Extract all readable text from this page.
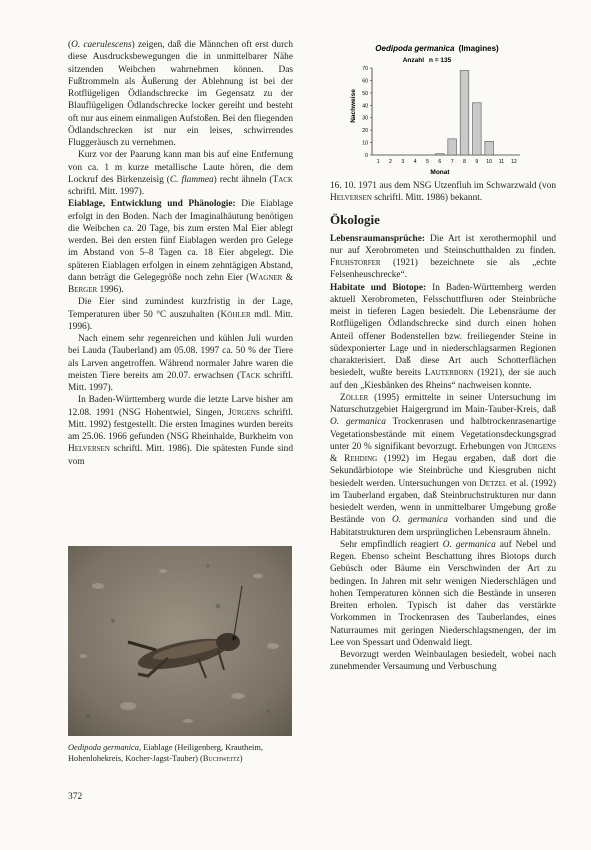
Oedipoda germanica (Imagines)
Anzahl n = 135
Nachweise
Monat
0
10
20
30
40
50
60
70
1 2 3 4 5 6 7 8 9 10 11 12

(O. caerulescens) zeigen, daß die Männchen oft erst durch diese Ausdrucksbewegungen die in unmittelbarer Nähe sitzenden Weibchen wahrnehmen können. Das Fußtrommeln als Äußerung der Ablehnung ist bei der Rotflügeligen Ödlandschrecke im Gegensatz zu der Blauflügeligen Ödlandschrecke locker gereiht und besteht oft nur aus einem einmaligen Aufstoßen. Bei den fliegenden Ödlandschrecken ist nur ein leises, schwirrendes Fluggeräusch zu vernehmen.

Kurz vor der Paarung kann man bis auf eine Entfernung von ca. 1 m kurze metallische Laute hören, die dem Lockruf des Birkenzeisig (C. flammea) recht ähneln (Tack schriftl. Mitt. 1997).

Eiablage, Entwicklung und Phänologie: Die Eiablage erfolgt in den Boden. Nach der Imaginalhäutung benötigen die Weibchen ca. 20 Tage, bis zum ersten Mal Eier ablegt werden. Bei den ersten fünf Eiablagen werden pro Gelege im Abstand von 5–8 Tagen ca. 18 Eier abgelegt. Die späteren Eiablagen erfolgen in einem zehntägigen Abstand, dann beträgt die Gelegegröße noch zehn Eier (Wagner & Berger 1996).

Die Eier sind zumindest kurzfristig in der Lage, Temperaturen über 50 °C auszuhalten (Köhler mdl. Mitt. 1996).

Nach einem sehr regenreichen und kühlen Juli wurden bei Lauda (Tauberland) am 05.08. 1997 ca. 50 % der Tiere als Larven angetroffen. Während normaler Jahre waren die meisten Tiere bereits am 20.07. erwachsen (Tack schriftl. Mitt. 1997).

In Baden-Württemberg wurde die letzte Larve bisher am 12.08. 1991 (NSG Hohentwiel, Singen, Jürgens schriftl. Mitt. 1992) festgestellt. Die ersten Imagines wurden bereits am 25.06. 1966 gefunden (NSG Rheinhalde, Burkheim von Helversen schriftl. Mitt. 1986). Die spätesten Funde sind vom

Oedipoda germanica, Eiablage (Heiligenberg, Krautheim, Hohenlohekreis, Kocher-Jagst-Tauber) (Buchweitz)
372

16. 10. 1971 aus dem NSG Utzenfluh im Schwarzwald (von Helversen schriftl. Mitt. 1986) bekannt.

Ökologie

Lebensraumansprüche: Die Art ist xerothermophil und nur auf Xerobrometen und Steinschutthalden zu finden. Fruhstorfer (1921) bezeichnete sie als „echte Felsenheuschrecke“.

Habitate und Biotope: In Baden-Württemberg werden aktuell Xerobrometen, Felsschuttfluren oder Steinbrüche meist in tieferen Lagen besiedelt. Die Lebensräume der Rotflügeligen Ödlandschrecke sind durch einen hohen Anteil offener Bodenstellen bzw. freiliegender Steine in südexponierter Lage und in niederschlagsarmen Regionen charakterisiert. Daß diese Art auch Schotterflächen besiedelt, wußte bereits Lauterborn (1921), der sie auch auf den „Kiesbänken des Rheins“ nachweisen konnte.

Zöller (1995) ermittelte in seiner Untersuchung im Naturschutzgebiet Haigergrund im Main-Tauber-Kreis, daß O. germanica Trockenrasen und halbtrockenrasenartige Vegetationsbestände mit einem Vegetationsdeckungsgrad unter 20 % signifikant bevorzugt. Erhebungen von Jürgens & Rehding (1992) im Hegau ergaben, daß dort die Sekundärbiotope wie Steinbrüche und Kiesgruben nicht besiedelt werden. Untersuchungen von Detzel et al. (1992) im Tauberland ergaben, daß Steinbruchstrukturen nur dann besiedelt werden, wenn in unmittelbarer Umgebung große Bestände von O. germanica vorhanden sind und die Habitatstrukturen dem ursprünglichen Lebensraum ähneln.

Sehr empfindlich reagiert O. germanica auf Nebel und Regen. Ebenso scheint Beschattung ihres Biotops durch Gebüsch oder Bäume ein Verschwinden der Art zu bedingen. In Jahren mit sehr wenigen Niederschlägen und hohen Temperaturen können sich die Bestände in unseren Breiten erholen. Typisch ist daher das verstärkte Vorkommen in Trockenrasen des Tauberlandes, eines Naturraumes mit geringen Niederschlagsmengen, der im Lee von Spessart und Odenwald liegt.

Bevorzugt werden Weinbaulagen besiedelt, wobei nach zunehmender Versaumung und Verbuschung
